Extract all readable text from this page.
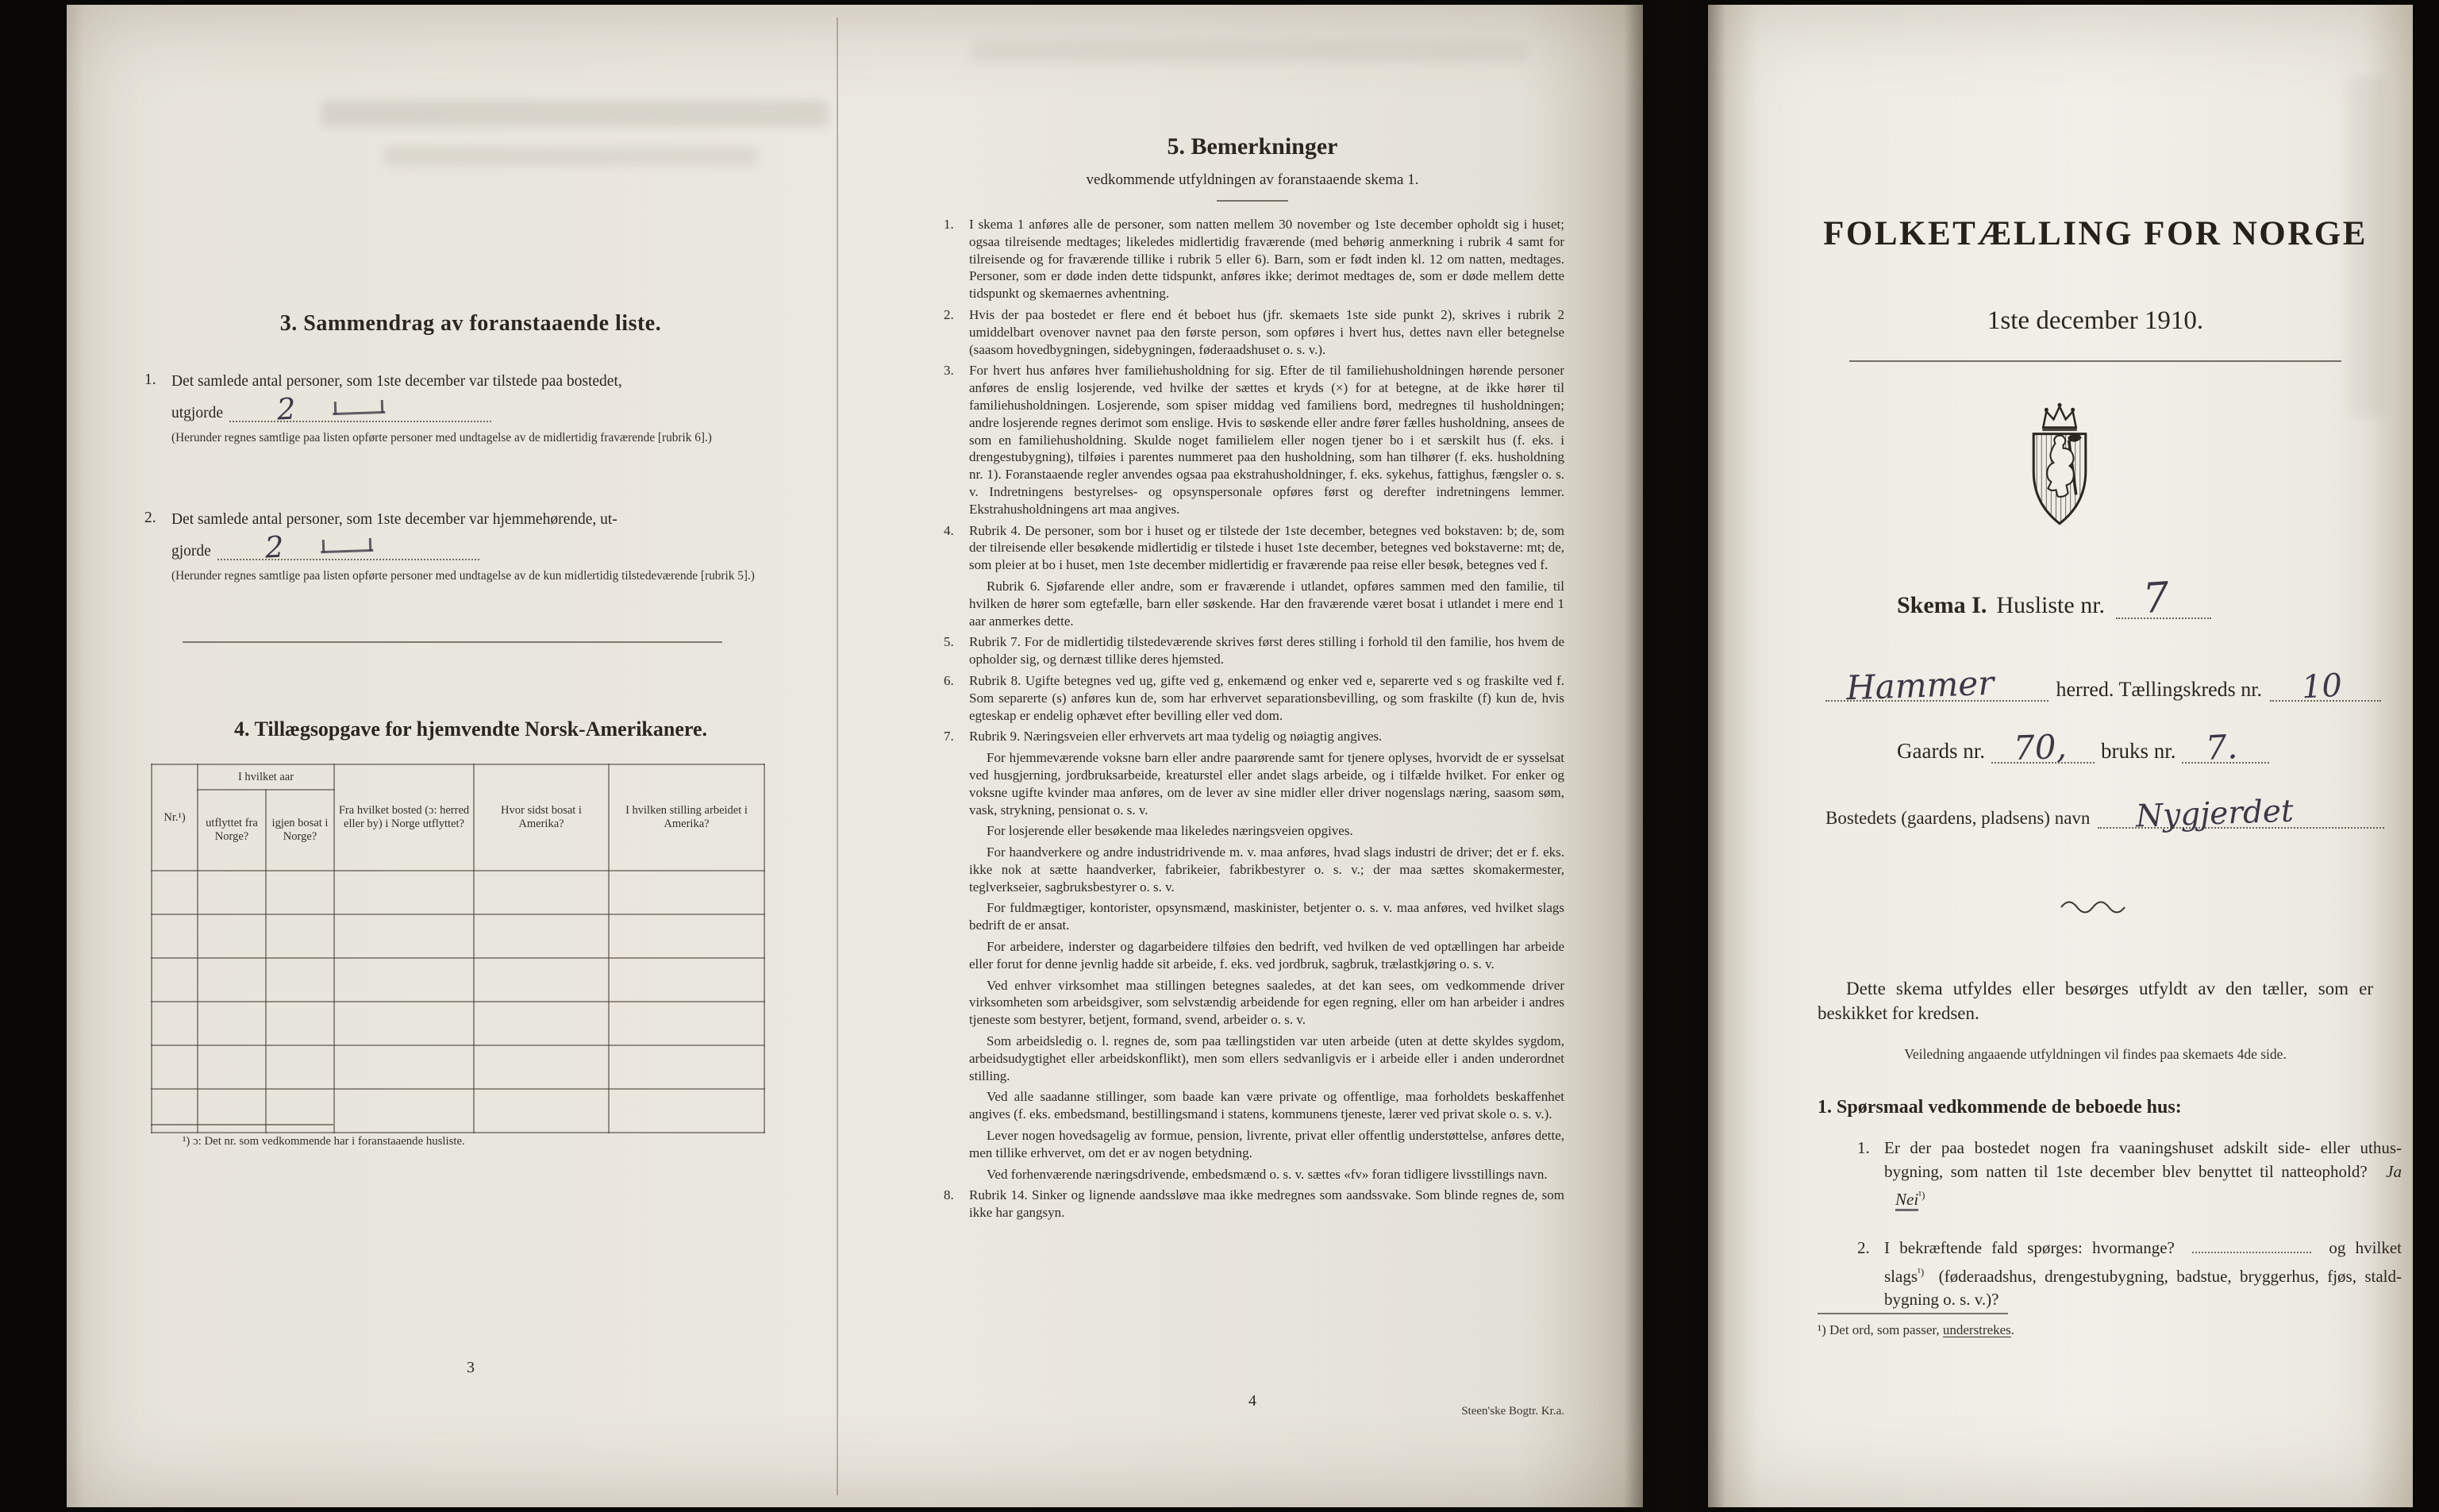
3. Sammendrag av foranstaaende liste.
1. Det samlede antal personer, som 1ste december var tilstede paa bostedet,
utgjorde 2
(Herunder regnes samtlige paa listen opførte personer med undtagelse av de midlertidig fraværende [rubrik 6].)
2. Det samlede antal personer, som 1ste december var hjemmehørende, ut-
gjorde 2
(Herunder regnes samtlige paa listen opførte personer med undtagelse av de kun midlertidig tilstedeværende [rubrik 5].)
4. Tillægsopgave for hjemvendte Norsk-Amerikanere.
Nr.¹)	I hvilket aar		Fra hvilket bosted (ɔ: herred eller by) i Norge utflyttet?	Hvor sidst bosat i Amerika?	I hvilken stilling arbeidet i Amerika?
	utflyttet fra Norge?	igjen bosat i Norge?			

¹) ɔ: Det nr. som vedkommende har i foranstaaende husliste.
3
5. Bemerkninger
vedkommende utfyldningen av foranstaaende skema 1.
1. I skema 1 anføres alle de personer, som natten mellem 30 november og 1ste december opholdt sig i huset; ogsaa tilreisende medtages; likeledes midlertidig fraværende (med behørig anmerkning i rubrik 4 samt for tilreisende og for fraværende tillike i rubrik 5 eller 6). Barn, som er født inden kl. 12 om natten, medtages. Personer, som er døde inden dette tidspunkt, anføres ikke; derimot medtages de, som er døde mellem dette tidspunkt og skemaernes avhentning.
2. Hvis der paa bostedet er flere end ét beboet hus (jfr. skemaets 1ste side punkt 2), skrives i rubrik 2 umiddelbart ovenover navnet paa den første person, som opføres i hvert hus, dettes navn eller betegnelse (saasom hovedbygningen, sidebygningen, føderaadshuset o. s. v.).
3. For hvert hus anføres hver familiehusholdning for sig. Efter de til familiehusholdningen hørende personer anføres de enslig losjerende, ved hvilke der sættes et kryds (×) for at betegne, at de ikke hører til familiehusholdningen. Losjerende, som spiser middag ved familiens bord, medregnes til husholdningen; andre losjerende regnes derimot som enslige. Hvis to søskende eller andre fører fælles husholdning, ansees de som en familiehusholdning. Skulde noget familielem eller nogen tjener bo i et særskilt hus (f. eks. i drengestubygning), tilføies i parentes nummeret paa den husholdning, som han tilhører (f. eks. husholdning nr. 1). Foranstaaende regler anvendes ogsaa paa ekstrahusholdninger, f. eks. sykehus, fattighus, fængsler o. s. v. Indretningens bestyrelses- og opsynspersonale opføres først og derefter indretningens lemmer. Ekstrahusholdningens art maa angives.
4. Rubrik 4. De personer, som bor i huset og er tilstede der 1ste december, betegnes ved bokstaven: b; de, som der tilreisende eller besøkende midlertidig er tilstede i huset 1ste december, betegnes ved bokstaverne: mt; de, som pleier at bo i huset, men 1ste december midlertidig er fraværende paa reise eller besøk, betegnes ved f.
Rubrik 6. Sjøfarende eller andre, som er fraværende i utlandet, opføres sammen med den familie, til hvilken de hører som egtefælle, barn eller søskende. Har den fraværende været bosat i utlandet i mere end 1 aar anmerkes dette.
5. Rubrik 7. For de midlertidig tilstedeværende skrives først deres stilling i forhold til den familie, hos hvem de opholder sig, og dernæst tillike deres hjemsted.
6. Rubrik 8. Ugifte betegnes ved ug, gifte ved g, enkemænd og enker ved e, separerte ved s og fraskilte ved f. Som separerte (s) anføres kun de, som har erhvervet separationsbevilling, og som fraskilte (f) kun de, hvis egteskap er endelig ophævet efter bevilling eller ved dom.
7. Rubrik 9. Næringsveien eller erhvervets art maa tydelig og nøiagtig angives.
For hjemmeværende voksne barn eller andre paarørende samt for tjenere oplyses, hvorvidt de er sysselsat ved husgjerning, jordbruksarbeide, kreaturstel eller andet slags arbeide, og i tilfælde hvilket. For enker og voksne ugifte kvinder maa anføres, om de lever av sine midler eller driver nogenslags næring, saasom søm, vask, strykning, pensionat o. s. v.
For losjerende eller besøkende maa likeledes næringsveien opgives.
For haandverkere og andre industridrivende m. v. maa anføres, hvad slags industri de driver; det er f. eks. ikke nok at sætte haandverker, fabrikeier, fabrikbestyrer o. s. v.; der maa sættes skomakermester, teglverkseier, sagbruksbestyrer o. s. v.
For fuldmægtiger, kontorister, opsynsmænd, maskinister, betjenter o. s. v. maa anføres, ved hvilket slags bedrift de er ansat.
For arbeidere, inderster og dagarbeidere tilføies den bedrift, ved hvilken de ved optællingen har arbeide eller forut for denne jevnlig hadde sit arbeide, f. eks. ved jordbruk, sagbruk, trælastkjøring o. s. v.
Ved enhver virksomhet maa stillingen betegnes saaledes, at det kan sees, om vedkommende driver virksomheten som arbeidsgiver, som selvstændig arbeidende for egen regning, eller om han arbeider i andres tjeneste som bestyrer, betjent, formand, svend, arbeider o. s. v.
Som arbeidsledig o. l. regnes de, som paa tællingstiden var uten arbeide (uten at dette skyldes sygdom, arbeidsudygtighet eller arbeidskonflikt), men som ellers sedvanligvis er i arbeide eller i anden underordnet stilling.
Ved alle saadanne stillinger, som baade kan være private og offentlige, maa forholdets beskaffenhet angives (f. eks. embedsmand, bestillingsmand i statens, kommunens tjeneste, lærer ved privat skole o. s. v.).
Lever nogen hovedsagelig av formue, pension, livrente, privat eller offentlig understøttelse, anføres dette, men tillike erhvervet, om det er av nogen betydning.
Ved forhenværende næringsdrivende, embedsmænd o. s. v. sættes «fv» foran tidligere livsstillings navn.
8. Rubrik 14. Sinker og lignende aandssløve maa ikke medregnes som aandssvake. Som blinde regnes de, som ikke har gangsyn.
4
Steen'ske Bogtr. Kr.a.
FOLKETÆLLING FOR NORGE
1ste december 1910.
Skema I. Husliste nr. 7
Hammer	herred. Tællingskreds nr. 10
Gaards nr. 70, bruks nr. 7.
Bostedets (gaardens, pladsens) navn Nygjerdet
Dette skema utfyldes eller besørges utfyldt av den tæller, som er beskikket for kredsen.
Veiledning angaaende utfyldningen vil findes paa skemaets 4de side.
1. Spørsmaal vedkommende de beboede hus:
1. Er der paa bostedet nogen fra vaaningshuset adskilt side- eller uthus-bygning, som natten til 1ste december blev benyttet til natteophold? Ja Nei$^{^1)}$
2. I bekræftende fald spørges: hvormange?	og hvilket slags$^{^1)}$ (føderaadshus, drengestubygning, badstue, bryggerhus, fjøs, stald-bygning o. s. v.)?
¹) Det ord, som passer, understrekes.
